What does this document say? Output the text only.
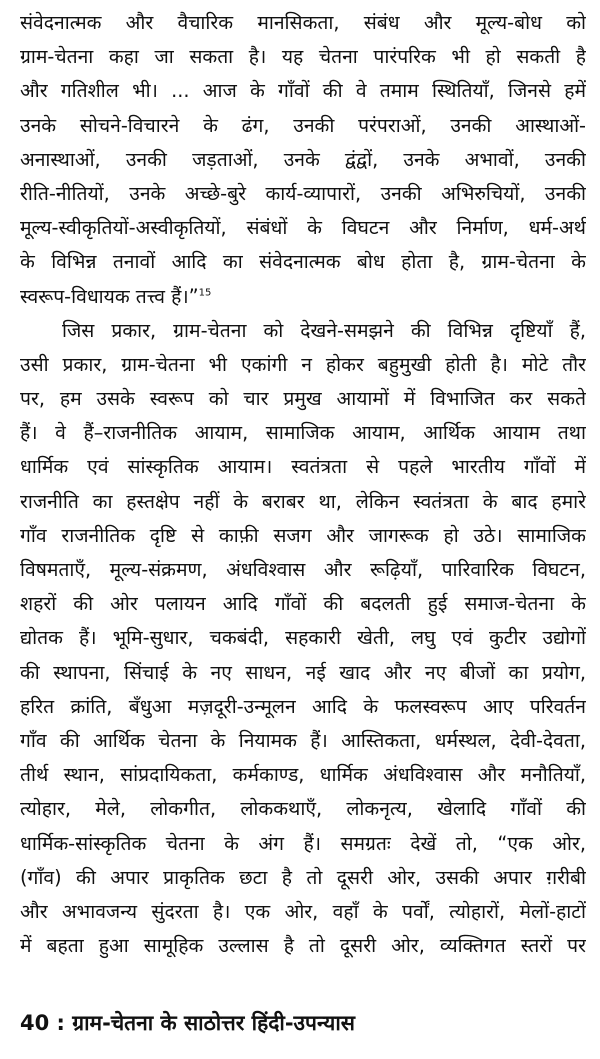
संवेदनात्मक और वैचारिक मानसिकता, संबंध और मूल्य-बोध को
ग्राम-चेतना कहा जा सकता है। यह चेतना पारंपरिक भी हो सकती है
और गतिशील भी। ... आज के गाँवों की वे तमाम स्थितियाँ, जिनसे हमें
उनके सोचने-विचारने के ढंग, उनकी परंपराओं, उनकी आस्थाओं-
अनास्थाओं, उनकी जड़ताओं, उनके द्वंद्वों, उनके अभावों, उनकी
रीति-नीतियों, उनके अच्छे-बुरे कार्य-व्यापारों, उनकी अभिरुचियों, उनकी
मूल्य-स्वीकृतियों-अस्वीकृतियों, संबंधों के विघटन और निर्माण, धर्म-अर्थ
के विभिन्न तनावों आदि का संवेदनात्मक बोध होता है, ग्राम-चेतना के
स्वरूप-विधायक तत्त्व हैं।”$^{15}$
जिस प्रकार, ग्राम-चेतना को देखने-समझने की विभिन्न दृष्टियाँ हैं,
उसी प्रकार, ग्राम-चेतना भी एकांगी न होकर बहुमुखी होती है। मोटे तौर
पर, हम उसके स्वरूप को चार प्रमुख आयामों में विभाजित कर सकते
हैं। वे हैं–राजनीतिक आयाम, सामाजिक आयाम, आर्थिक आयाम तथा
धार्मिक एवं सांस्कृतिक आयाम। स्वतंत्रता से पहले भारतीय गाँवों में
राजनीति का हस्तक्षेप नहीं के बराबर था, लेकिन स्वतंत्रता के बाद हमारे
गाँव राजनीतिक दृष्टि से काफ़ी सजग और जागरूक हो उठे। सामाजिक
विषमताएँ, मूल्य-संक्रमण, अंधविश्वास और रूढ़ियाँ, पारिवारिक विघटन,
शहरों की ओर पलायन आदि गाँवों की बदलती हुई समाज-चेतना के
द्योतक हैं। भूमि-सुधार, चकबंदी, सहकारी खेती, लघु एवं कुटीर उद्योगों
की स्थापना, सिंचाई के नए साधन, नई खाद और नए बीजों का प्रयोग,
हरित क्रांति, बँधुआ मज़दूरी-उन्मूलन आदि के फलस्वरूप आए परिवर्तन
गाँव की आर्थिक चेतना के नियामक हैं। आस्तिकता, धर्मस्थल, देवी-देवता,
तीर्थ स्थान, सांप्रदायिकता, कर्मकाण्ड, धार्मिक अंधविश्वास और मनौतियाँ,
त्योहार, मेले, लोकगीत, लोककथाएँ, लोकनृत्य, खेलादि गाँवों की
धार्मिक-सांस्कृतिक चेतना के अंग हैं। समग्रतः देखें तो, “एक ओर,
(गाँव) की अपार प्राकृतिक छटा है तो दूसरी ओर, उसकी अपार ग़रीबी
और अभावजन्य सुंदरता है। एक ओर, वहाँ के पर्वों, त्योहारों, मेलों-हाटों
में बहता हुआ सामूहिक उल्लास है तो दूसरी ओर, व्यक्तिगत स्तरों पर
40 : ग्राम-चेतना के साठोत्तर हिंदी-उपन्यास
